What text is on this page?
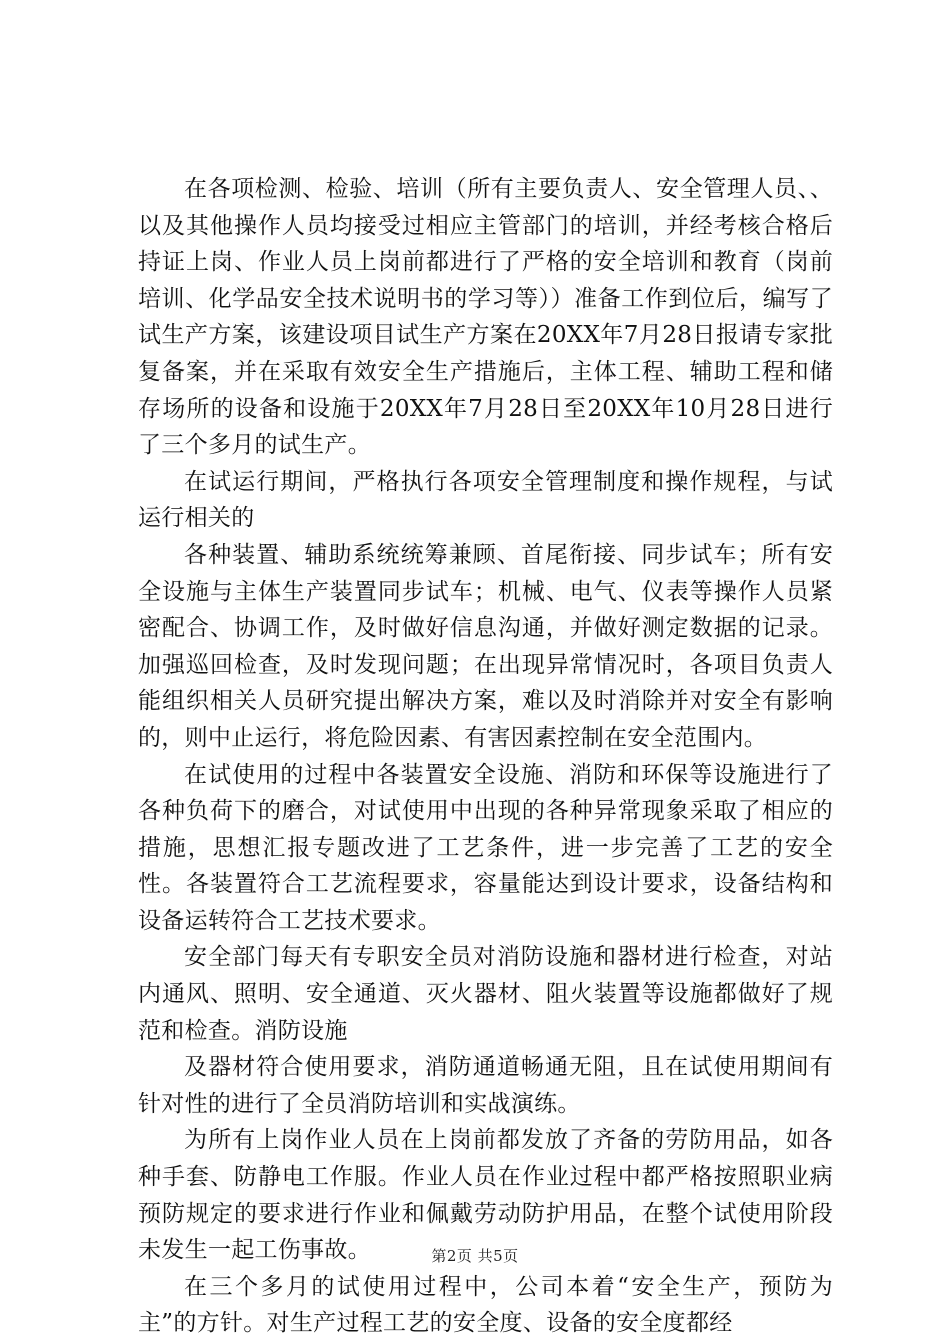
在各项检测、检验、培训（所有主要负责人、安全管理人员、、以及其他操作人员均接受过相应主管部门的培训，并经考核合格后持证上岗、作业人员上岗前都进行了严格的安全培训和教育（岗前培训、化学品安全技术说明书的学习等））准备工作到位后，编写了试生产方案，该建设项目试生产方案在20XX年7月28日报请专家批复备案，并在采取有效安全生产措施后，主体工程、辅助工程和储存场所的设备和设施于20XX年7月28日至20XX年10月28日进行了三个多月的试生产。

在试运行期间，严格执行各项安全管理制度和操作规程，与试运行相关的

各种装置、辅助系统统筹兼顾、首尾衔接、同步试车；所有安全设施与主体生产装置同步试车；机械、电气、仪表等操作人员紧密配合、协调工作，及时做好信息沟通，并做好测定数据的记录。加强巡回检查，及时发现问题；在出现异常情况时，各项目负责人能组织相关人员研究提出解决方案，难以及时消除并对安全有影响的，则中止运行，将危险因素、有害因素控制在安全范围内。

在试使用的过程中各装置安全设施、消防和环保等设施进行了各种负荷下的磨合，对试使用中出现的各种异常现象采取了相应的措施，思想汇报专题改进了工艺条件，进一步完善了工艺的安全性。各装置符合工艺流程要求，容量能达到设计要求，设备结构和设备运转符合工艺技术要求。

安全部门每天有专职安全员对消防设施和器材进行检查，对站内通风、照明、安全通道、灭火器材、阻火装置等设施都做好了规范和检查。消防设施

及器材符合使用要求，消防通道畅通无阻，且在试使用期间有针对性的进行了全员消防培训和实战演练。

为所有上岗作业人员在上岗前都发放了齐备的劳防用品，如各种手套、防静电工作服。作业人员在作业过程中都严格按照职业病预防规定的要求进行作业和佩戴劳动防护用品，在整个试使用阶段未发生一起工伤事故。

在三个多月的试使用过程中，公司本着“安全生产，预防为主”的方针。对生产过程工艺的安全度、设备的安全度都经

第2页 共5页
